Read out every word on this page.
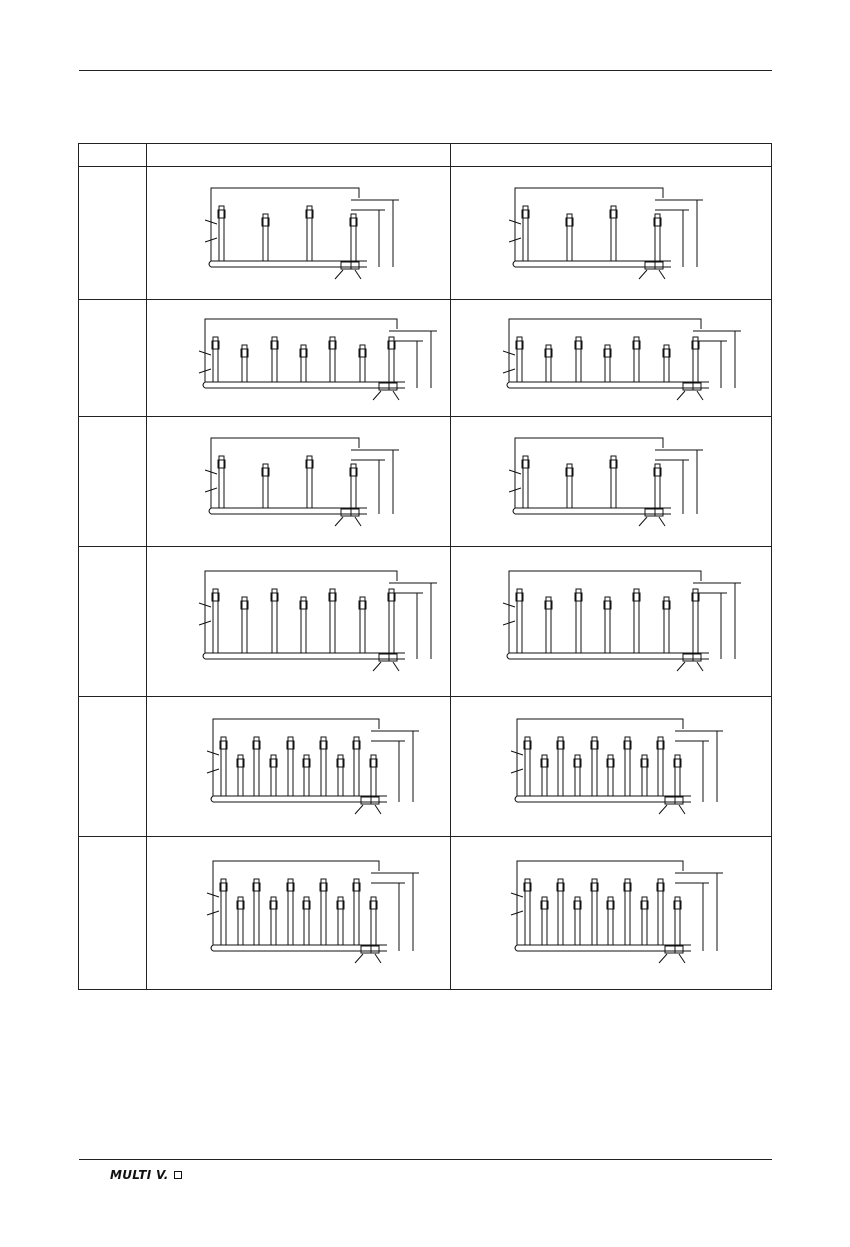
MULTI V.
